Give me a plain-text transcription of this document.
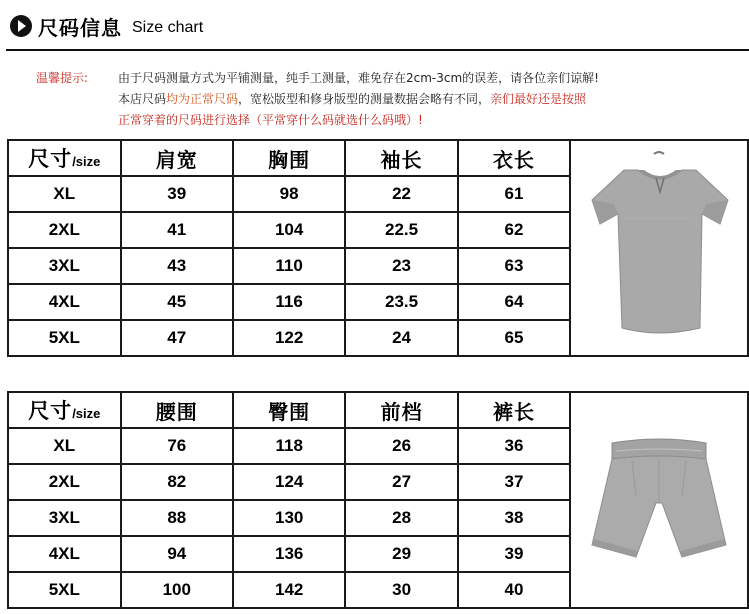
尺码信息 Size chart
温馨提示: 由于尺码测量方式为平铺测量，纯手工测量，难免存在2cm-3cm的误差，请各位亲们谅解!
本店尺码均为正常尺码，宽松版型和修身版型的测量数据会略有不同，亲们最好还是按照
正常穿着的尺码进行选择（平常穿什么码就选什么码哦）!
尺寸/size	肩宽	胸围	袖长	衣长	

XL	39	98	22	61	
2XL	41	104	22.5	62	
3XL	43	110	23	63	
4XL	45	116	23.5	64	
5XL	47	122	24	65	
尺寸/size	腰围	臀围	前档	裤长	

XL	76	118	26	36	
2XL	82	124	27	37	
3XL	88	130	28	38	
4XL	94	136	29	39	
5XL	100	142	30	40	
